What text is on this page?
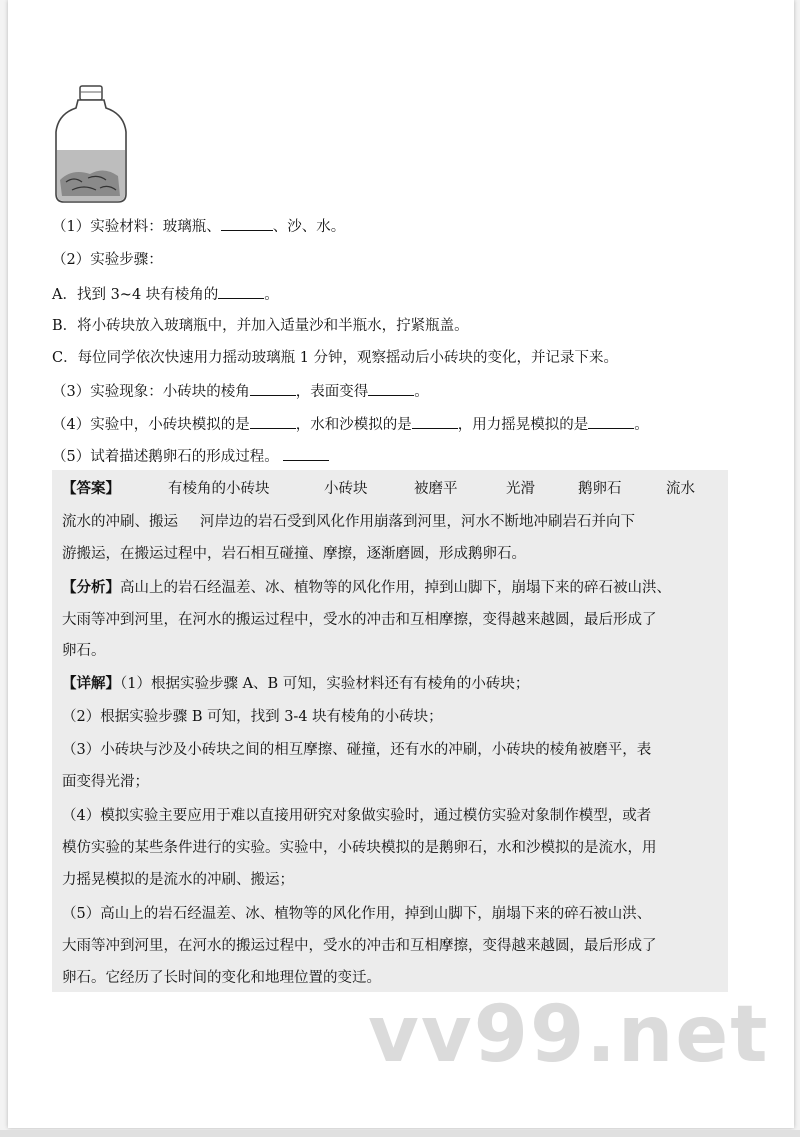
（1）实验材料：玻璃瓶、	、沙、水。
（2）实验步骤：
A．找到 3~4 块有棱角的	。
B．将小砖块放入玻璃瓶中，并加入适量沙和半瓶水，拧紧瓶盖。
C．每位同学依次快速用力摇动玻璃瓶 1 分钟，观察摇动后小砖块的变化，并记录下来。
（3）实验现象：小砖块的棱角	，表面变得	。
（4）实验中，小砖块模拟的是	，水和沙模拟的是	，用力摇晃模拟的是	。
（5）试着描述鹅卵石的形成过程。
【答案】	有棱角的小砖块	小砖块	被磨平	光滑	鹅卵石	流水
流水的冲刷、搬运 河岸边的岩石受到风化作用崩落到河里，河水不断地冲刷岩石并向下
游搬运，在搬运过程中，岩石相互碰撞、摩擦，逐渐磨圆，形成鹅卵石。
【分析】高山上的岩石经温差、冰、植物等的风化作用，掉到山脚下，崩塌下来的碎石被山洪、
大雨等冲到河里，在河水的搬运过程中，受水的冲击和互相摩擦，变得越来越圆，最后形成了
卵石。
【详解】（1）根据实验步骤 A、B 可知，实验材料还有有棱角的小砖块；
（2）根据实验步骤 B 可知，找到 3-4 块有棱角的小砖块；
（3）小砖块与沙及小砖块之间的相互摩擦、碰撞，还有水的冲刷，小砖块的棱角被磨平，表
面变得光滑；
（4）模拟实验主要应用于难以直接用研究对象做实验时，通过模仿实验对象制作模型，或者
模仿实验的某些条件进行的实验。实验中，小砖块模拟的是鹅卵石，水和沙模拟的是流水，用
力摇晃模拟的是流水的冲刷、搬运；
（5）高山上的岩石经温差、冰、植物等的风化作用，掉到山脚下，崩塌下来的碎石被山洪、
大雨等冲到河里，在河水的搬运过程中，受水的冲击和互相摩擦，变得越来越圆，最后形成了
卵石。它经历了长时间的变化和地理位置的变迁。
vv99.net
